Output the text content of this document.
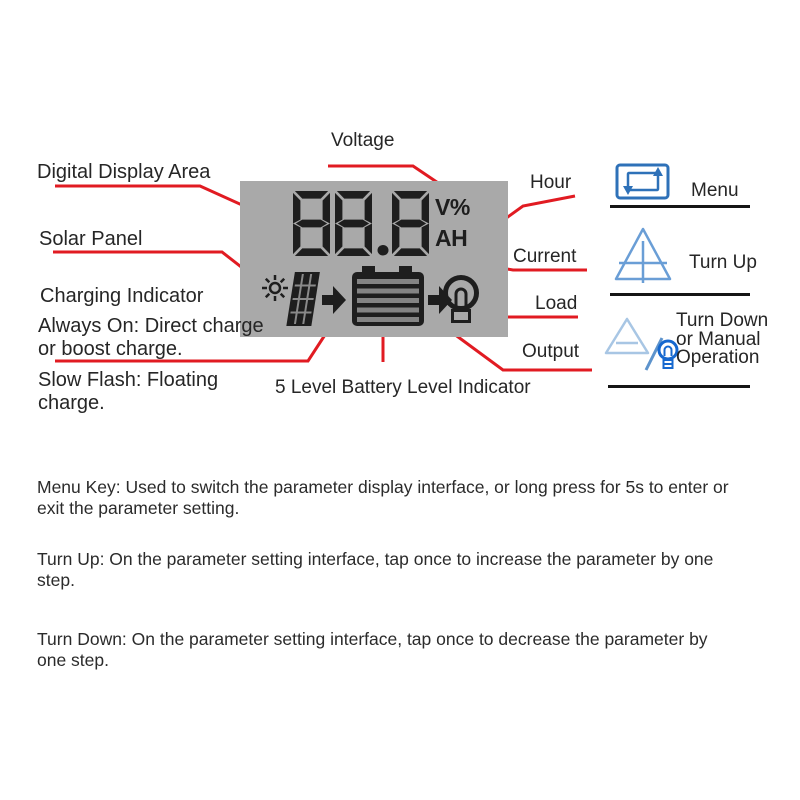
V%
AH
Voltage
Digital Display Area
Solar Panel
Charging Indicator
Always On: Direct charge
or boost charge.
Slow Flash: Floating
charge.
Hour
Current
Load
Output
5 Level Battery Level Indicator
Menu
Turn Up
Turn Down
or Manual
Operation
Menu Key: Used to switch the parameter display interface, or long press for 5s to enter or
exit the parameter setting.
Turn Up: On the parameter setting interface, tap once to increase the parameter by one
step.
Turn Down: On the parameter setting interface, tap once to decrease the parameter by
one step.
